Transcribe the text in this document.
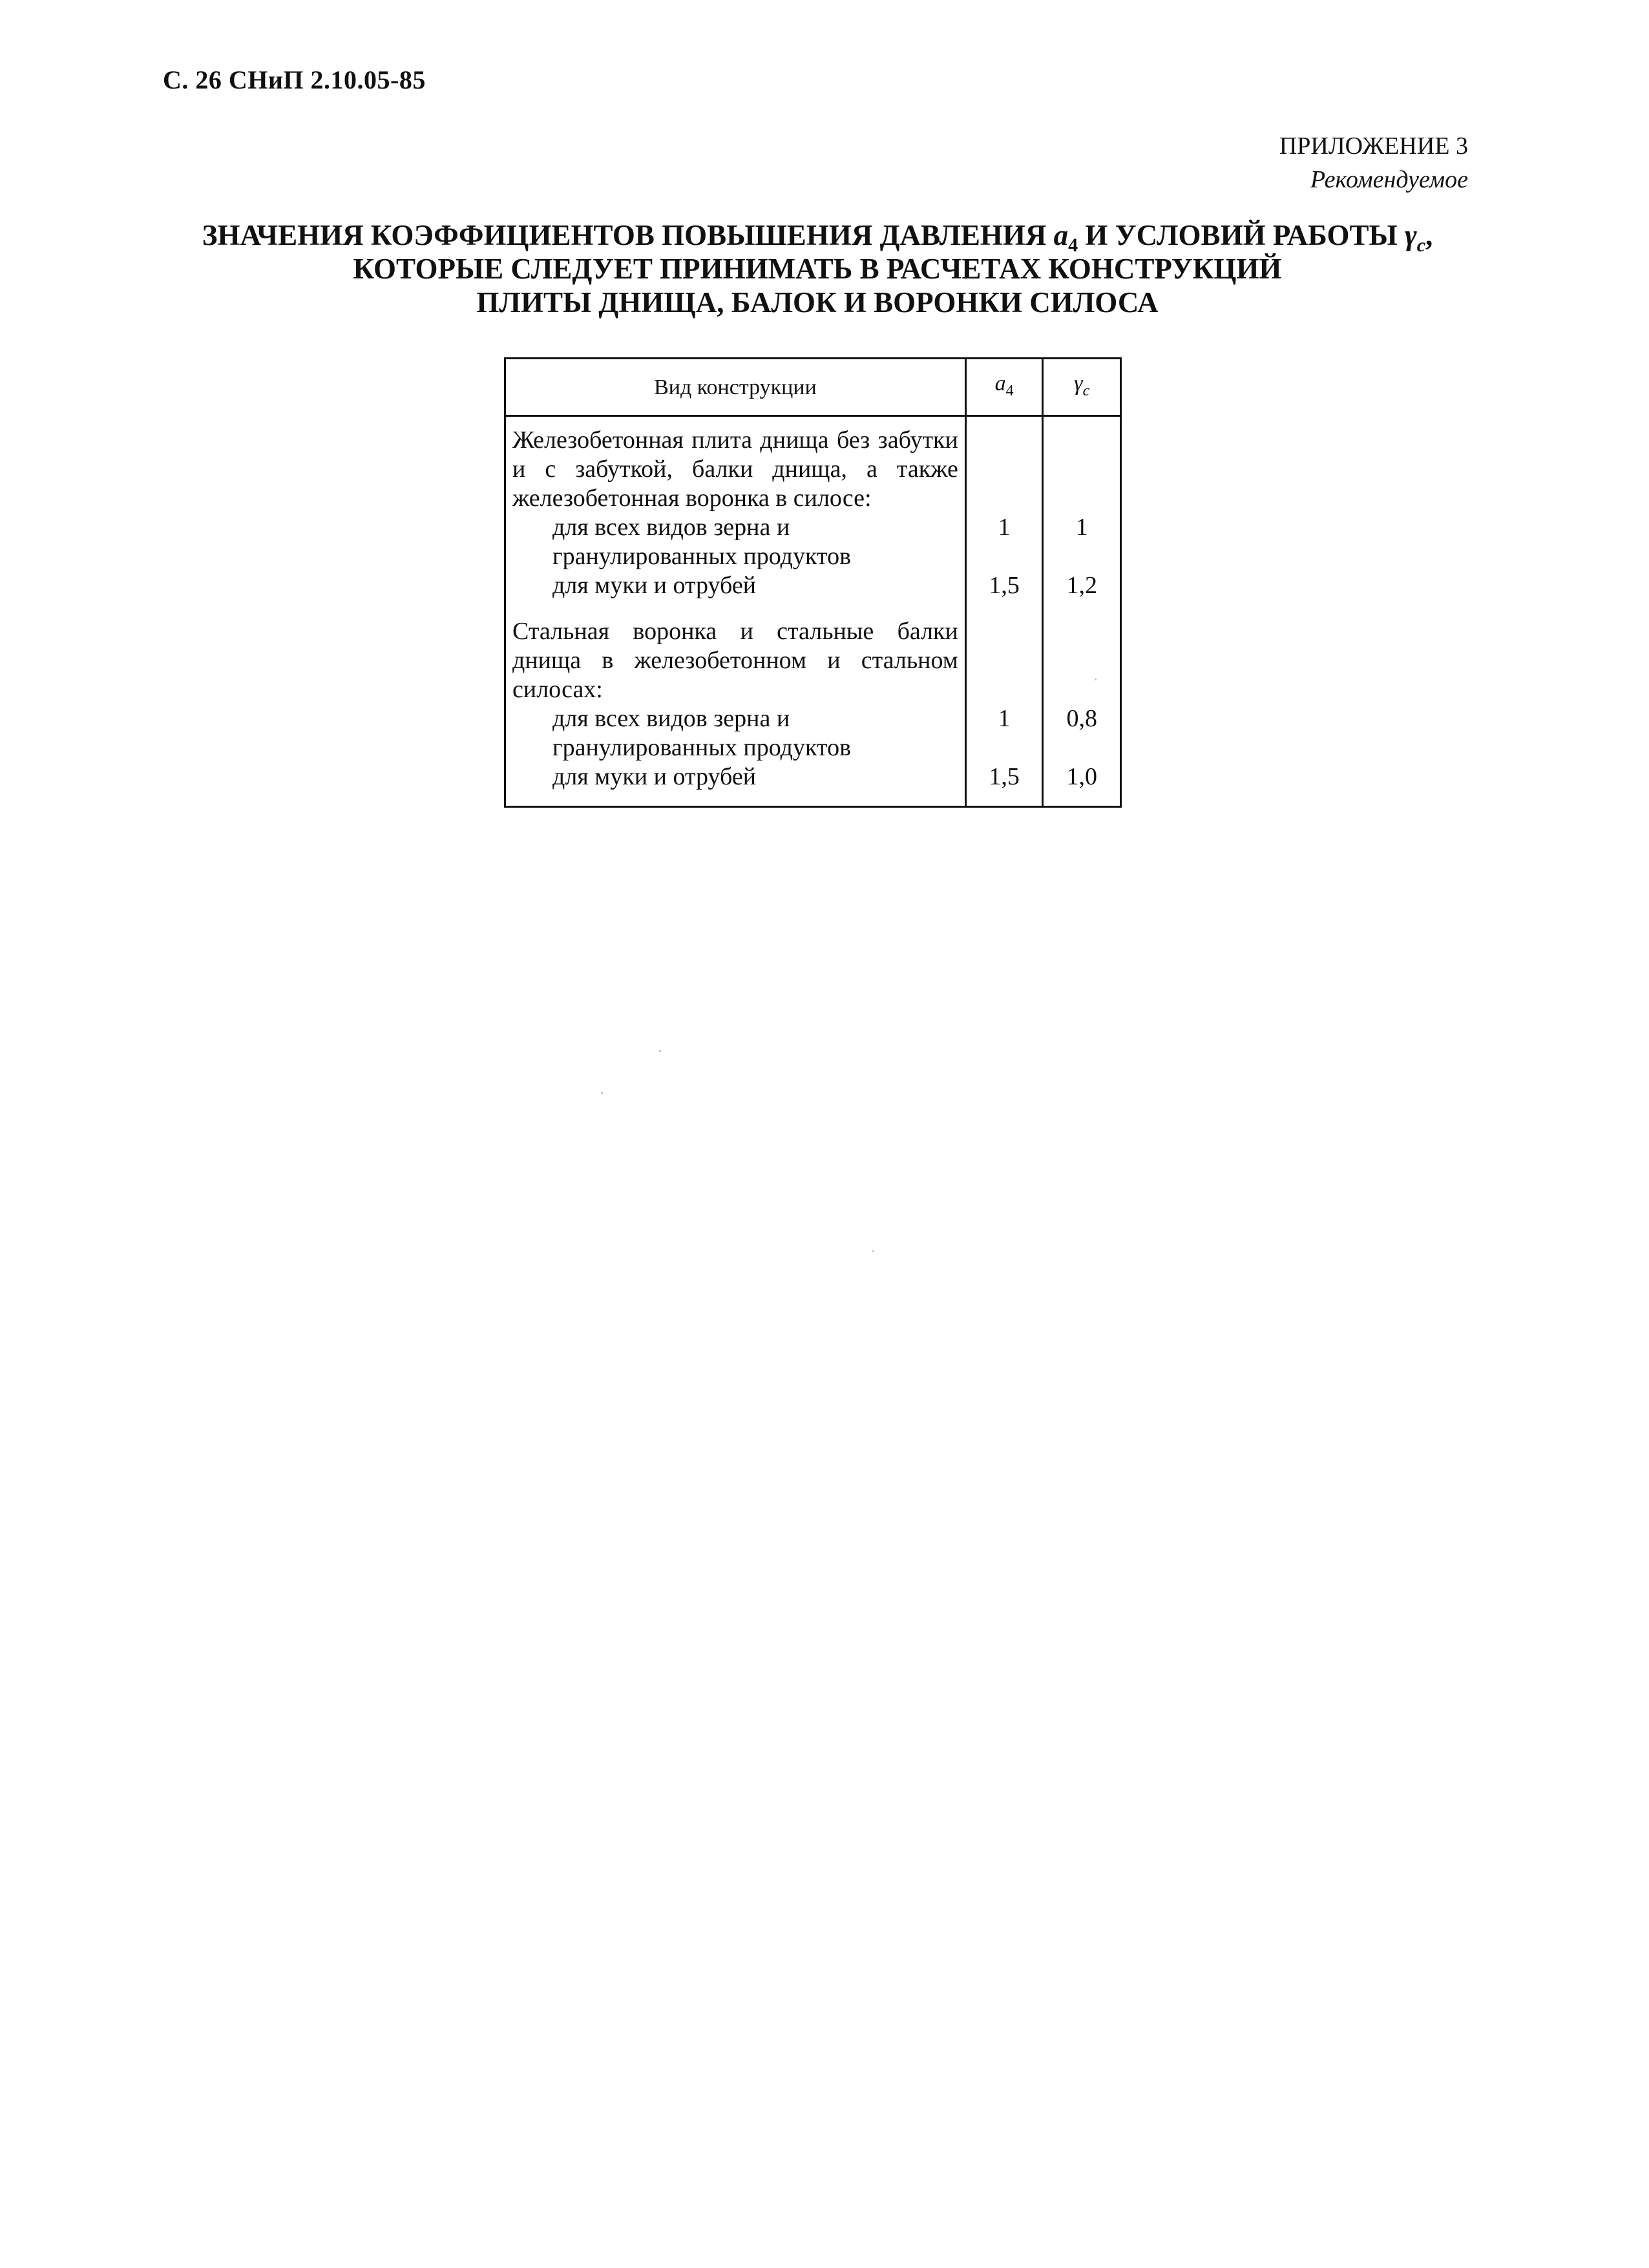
С. 26 СНиП 2.10.05-85
ПРИЛОЖЕНИЕ 3
Рекомендуемое
ЗНАЧЕНИЯ КОЭФФИЦИЕНТОВ ПОВЫШЕНИЯ ДАВЛЕНИЯ $a_4$ И УСЛОВИЙ РАБОТЫ $\gamma_c$,
КОТОРЫЕ СЛЕДУЕТ ПРИНИМАТЬ В РАСЧЕТАХ КОНСТРУКЦИЙ
ПЛИТЫ ДНИЩА, БАЛОК И ВОРОНКИ СИЛОСА
Вид конструкции	$a_4$	$\gamma_c$
Железобетонная плита днища без забутки и с забуткой, балки днища, а также железобетонная воронка в силосе:		

для всех видов зерна и гранулированных продуктов	1	1

для муки и отрубей	1,5	1,2
Стальная воронка и стальные балки днища в железобетонном и стальном силосах:		

для всех видов зерна и гранулированных продуктов	1	0,8

для муки и отрубей	1,5	1,0
